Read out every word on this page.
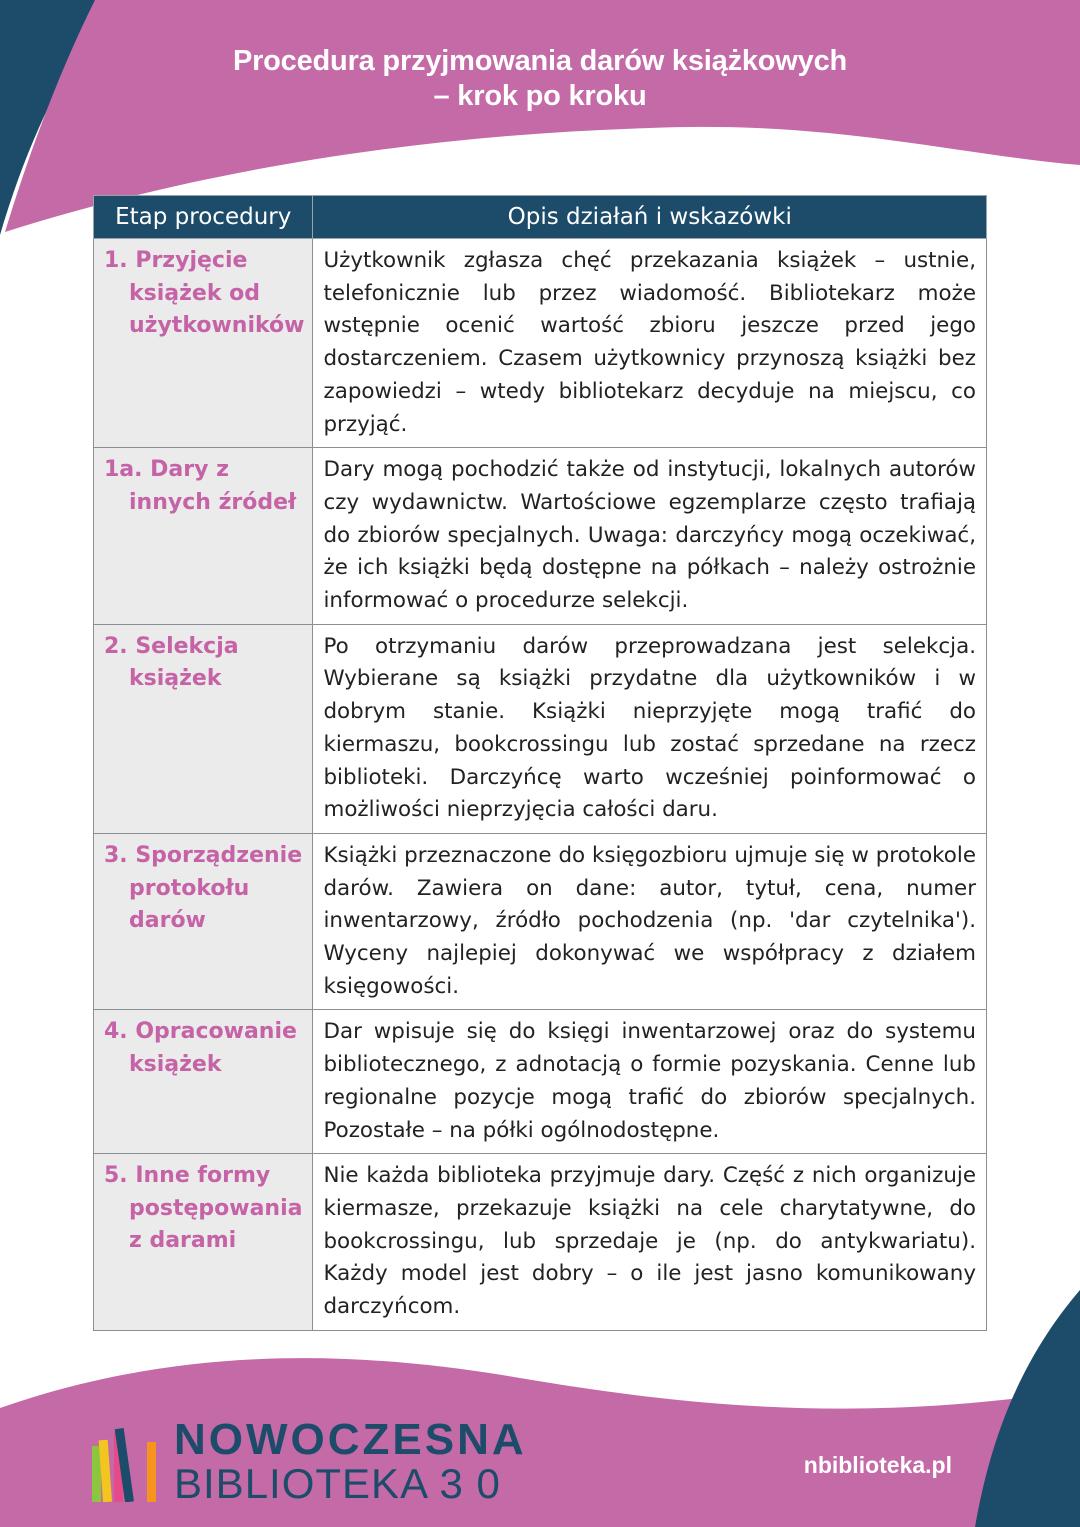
Procedura przyjmowania darów książkowych
– krok po kroku
Etap procedury	Opis działań i wskazówki
1. Przyjęcie książek od użytkowników	Użytkownik zgłasza chęć przekazania książek – ustnie, telefonicznie lub przez wiadomość. Bibliotekarz może wstępnie ocenić wartość zbioru jeszcze przed jego dostarczeniem. Czasem użytkownicy przynoszą książki bez zapowiedzi – wtedy bibliotekarz decyduje na miejscu, co przyjąć.
1a. Dary z innych źródeł	Dary mogą pochodzić także od instytucji, lokalnych autorów czy wydawnictw. Wartościowe egzemplarze często trafiają do zbiorów specjalnych. Uwaga: darczyńcy mogą oczekiwać, że ich książki będą dostępne na półkach – należy ostrożnie informować o procedurze selekcji.
2. Selekcja książek	Po otrzymaniu darów przeprowadzana jest selekcja. Wybierane są książki przydatne dla użytkowników i w dobrym stanie. Książki nieprzyjęte mogą trafić do kiermaszu, bookcrossingu lub zostać sprzedane na rzecz biblioteki. Darczyńcę warto wcześniej poinformować o możliwości nieprzyjęcia całości daru.
3. Sporządzenie protokołu darów	Książki przeznaczone do księgozbioru ujmuje się w protokole darów. Zawiera on dane: autor, tytuł, cena, numer inwentarzowy, źródło pochodzenia (np. 'dar czytelnika'). Wyceny najlepiej dokonywać we współpracy z działem księgowości.
4. Opracowanie książek	Dar wpisuje się do księgi inwentarzowej oraz do systemu bibliotecznego, z adnotacją o formie pozyskania. Cenne lub regionalne pozycje mogą trafić do zbiorów specjalnych. Pozostałe – na półki ogólnodostępne.
5. Inne formy postępowania z darami	Nie każda biblioteka przyjmuje dary. Część z nich organizuje kiermasze, przekazuje książki na cele charytatywne, do bookcrossingu, lub sprzedaje je (np. do antykwariatu). Każdy model jest dobry – o ile jest jasno komunikowany darczyńcom.
NOWOCZESNA
BIBLIOTEKA 3 0	nbiblioteka.pl
